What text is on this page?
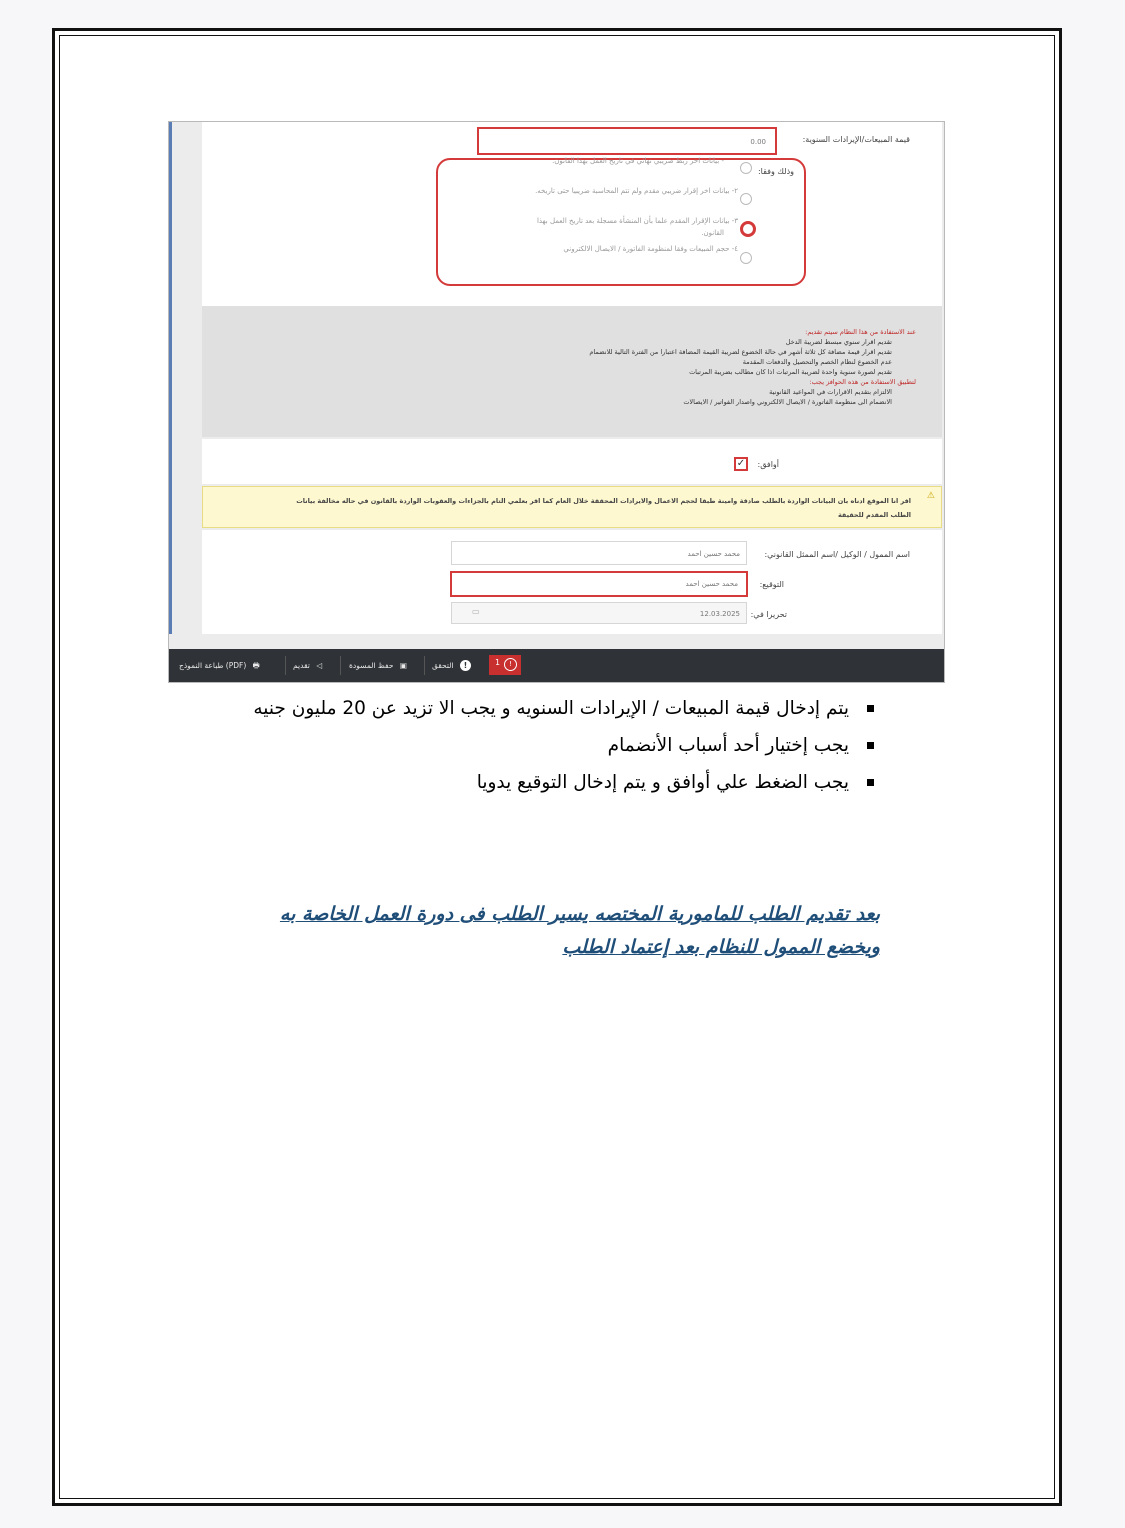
قيمة المبيعات/الإيرادات السنوية:
0.00
وذلك وفقا:
- بيانات اخر ربط ضريبي نهائي في تاريخ العمل بهذا القانون.
٢- بيانات اخر إقرار ضريبي مقدم ولم تتم المحاسبة ضريبيا حتى تاريخه.
٣- بيانات الإقرار المقدم علما بأن المنشأة مسجلة بعد تاريخ العمل بهذا
القانون.
٤- حجم المبيعات وفقا لمنظومة الفاتورة / الايصال الالكتروني
عند الاستفادة من هذا النظام سيتم تقديم:
تقديم اقرار سنوي مبسط لضريبة الدخل
تقديم اقرار قيمة مضافة كل ثلاثة أشهر في حالة الخضوع لضريبة القيمة المضافة اعتبارا من الفترة التالية للانضمام
عدم الخضوع لنظام الخصم والتحصيل والدفعات المقدمة
تقديم لصورة سنوية واحدة لضريبة المرتبات اذا كان مطالب بضريبة المرتبات
لتطبيق الاستفادة من هذه الحوافز يجب:
الالتزام بتقديم الاقرارات في المواعيد القانونية
الانضمام الى منظومة الفاتورة / الايصال الالكتروني واصدار الفواتير / الايصالات
أوافق:
✓
⚠
اقر انا الموقع ادناه بان البيانات الواردة بالطلب صادقة وامينة طبقا لحجم الاعمال والايرادات المحققة خلال العام كما اقر بعلمي التام بالجزاءات والعقوبات الواردة بالقانون في حاله مخالفة بيانات
الطلب المقدم للحقيقة
اسم الممول / الوكيل /اسم الممثل القانوني:
محمد حسين احمد
التوقيع:
محمد حسين احمد
تحريرا في:
12.03.2025
▭
طباعة النموذج (PDF) 🖶	تقديم ◁	حفظ المسودة ▣	التحقق !	1	!
يتم إدخال قيمة المبيعات / الإيرادات السنويه و يجب الا تزيد عن 20 مليون جنيه
يجب إختيار أحد أسباب الأنضمام
يجب الضغط علي أوافق و يتم إدخال التوقيع يدويا
بعد تقديم الطلب للمامورية المختصه يسير الطلب فى دورة العمل الخاصة به
ويخضع الممول للنظام بعد إعتماد الطلب
